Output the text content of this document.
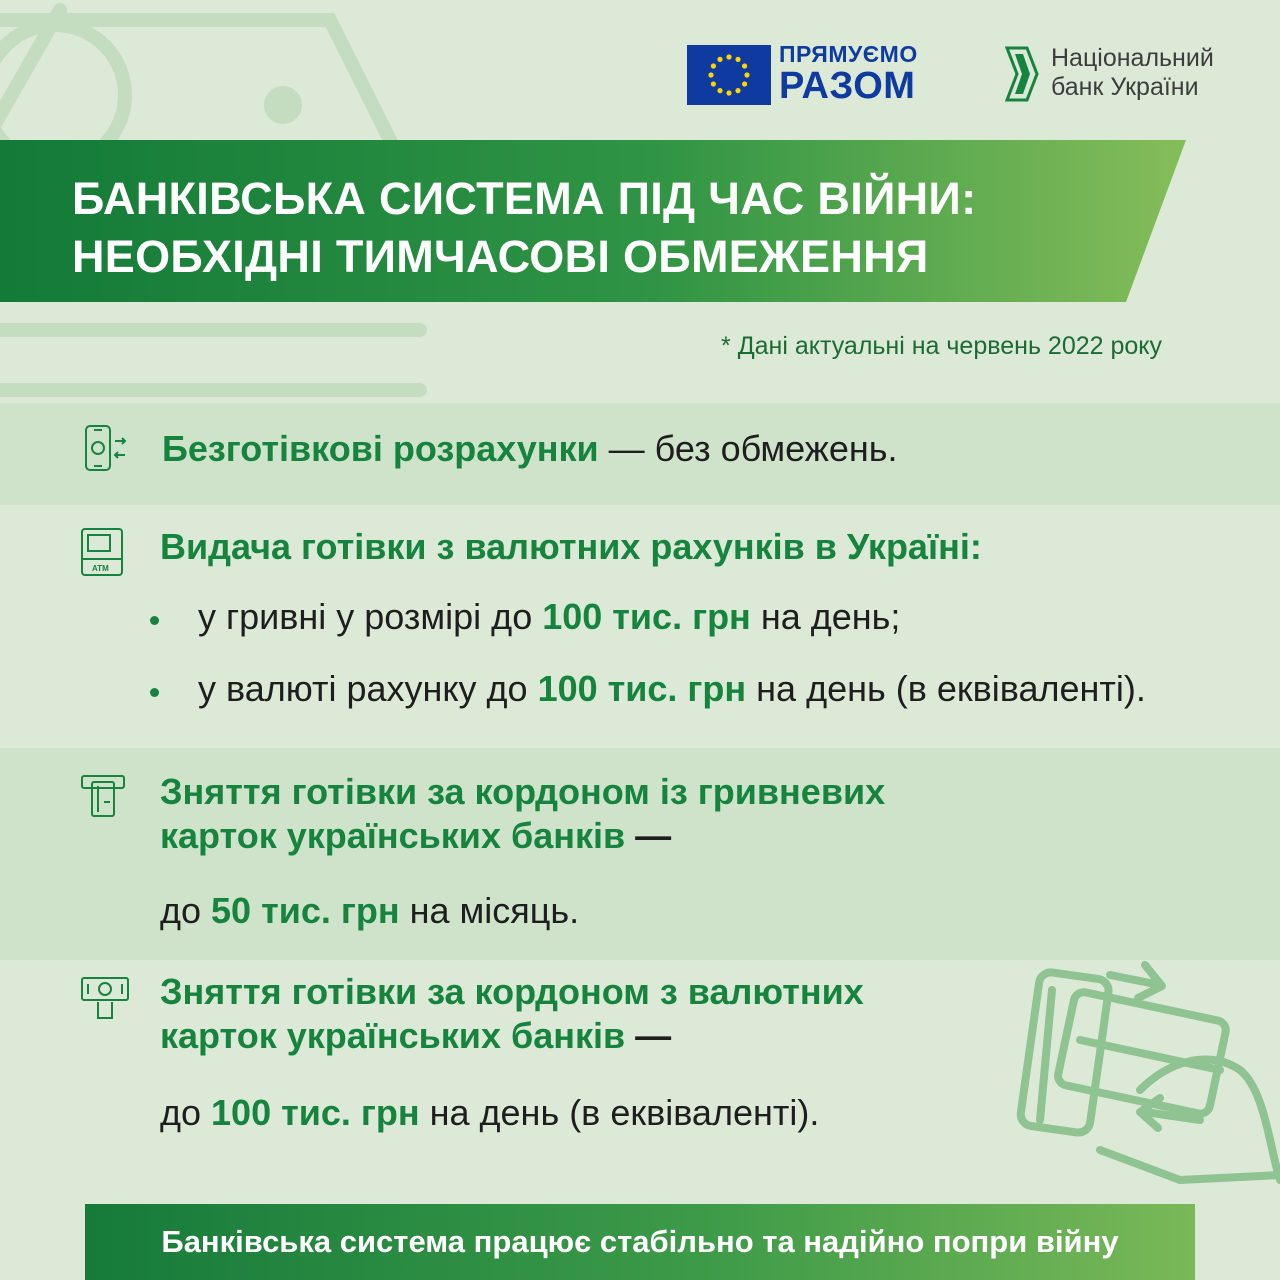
ПРЯМУЄМО
РАЗОМ
Національний
банк України
БАНКІВСЬКА СИСТЕМА ПІД ЧАС ВІЙНИ:
НЕОБХІДНІ ТИМЧАСОВІ ОБМЕЖЕННЯ
* Дані актуальні на червень 2022 року
Безготівкові розрахунки — без обмежень.
ATM
Видача готівки з валютних рахунків в Україні:
у гривні у розмірі до 100 тис. грн на день;
у валюті рахунку до 100 тис. грн на день (в еквіваленті).
Зняття готівки за кордоном із гривневих
карток українських банків —
до 50 тис. грн на місяць.
Зняття готівки за кордоном з валютних
карток українських банків —
до 100 тис. грн на день (в еквіваленті).
Банківська система працює стабільно та надійно попри війну
